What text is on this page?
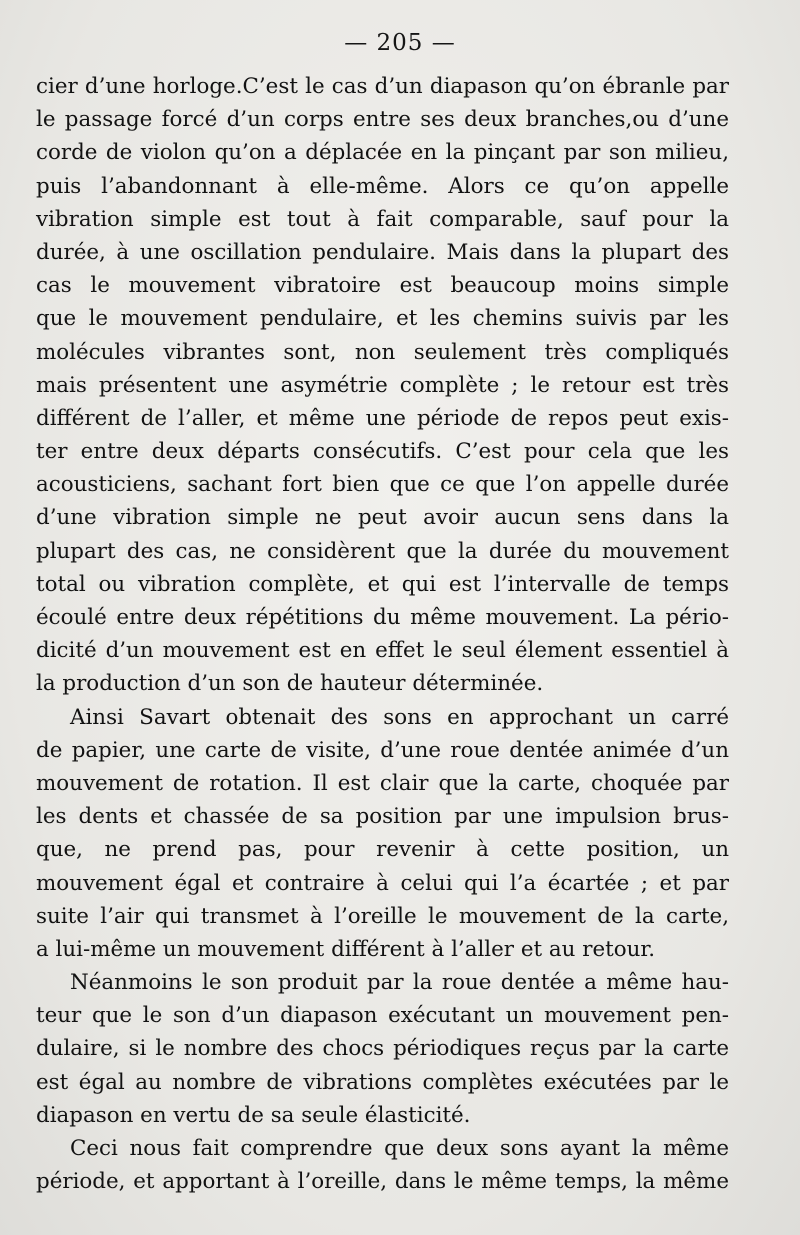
— 205 —
cier d’une horloge.C’est le cas d’un diapason qu’on ébranle par
le passage forcé d’un corps entre ses deux branches,ou d’une
corde de violon qu’on a déplacée en la pinçant par son milieu,
puis l’abandonnant à elle-même. Alors ce qu’on appelle
vibration simple est tout à fait comparable, sauf pour la
durée, à une oscillation pendulaire. Mais dans la plupart des
cas le mouvement vibratoire est beaucoup moins simple
que le mouvement pendulaire, et les chemins suivis par les
molécules vibrantes sont, non seulement très compliqués
mais présentent une asymétrie complète ; le retour est très
différent de l’aller, et même une période de repos peut exis-
ter entre deux départs consécutifs. C’est pour cela que les
acousticiens, sachant fort bien que ce que l’on appelle durée
d’une vibration simple ne peut avoir aucun sens dans la
plupart des cas, ne considèrent que la durée du mouvement
total ou vibration complète, et qui est l’intervalle de temps
écoulé entre deux répétitions du même mouvement. La pério-
dicité d’un mouvement est en effet le seul élement essentiel à
la production d’un son de hauteur déterminée.
Ainsi Savart obtenait des sons en approchant un carré
de papier, une carte de visite, d’une roue dentée animée d’un
mouvement de rotation. Il est clair que la carte, choquée par
les dents et chassée de sa position par une impulsion brus-
que, ne prend pas, pour revenir à cette position, un
mouvement égal et contraire à celui qui l’a écartée ; et par
suite l’air qui transmet à l’oreille le mouvement de la carte,
a lui-même un mouvement différent à l’aller et au retour.
Néanmoins le son produit par la roue dentée a même hau-
teur que le son d’un diapason exécutant un mouvement pen-
dulaire, si le nombre des chocs périodiques reçus par la carte
est égal au nombre de vibrations complètes exécutées par le
diapason en vertu de sa seule élasticité.
Ceci nous fait comprendre que deux sons ayant la même
période, et apportant à l’oreille, dans le même temps, la même
